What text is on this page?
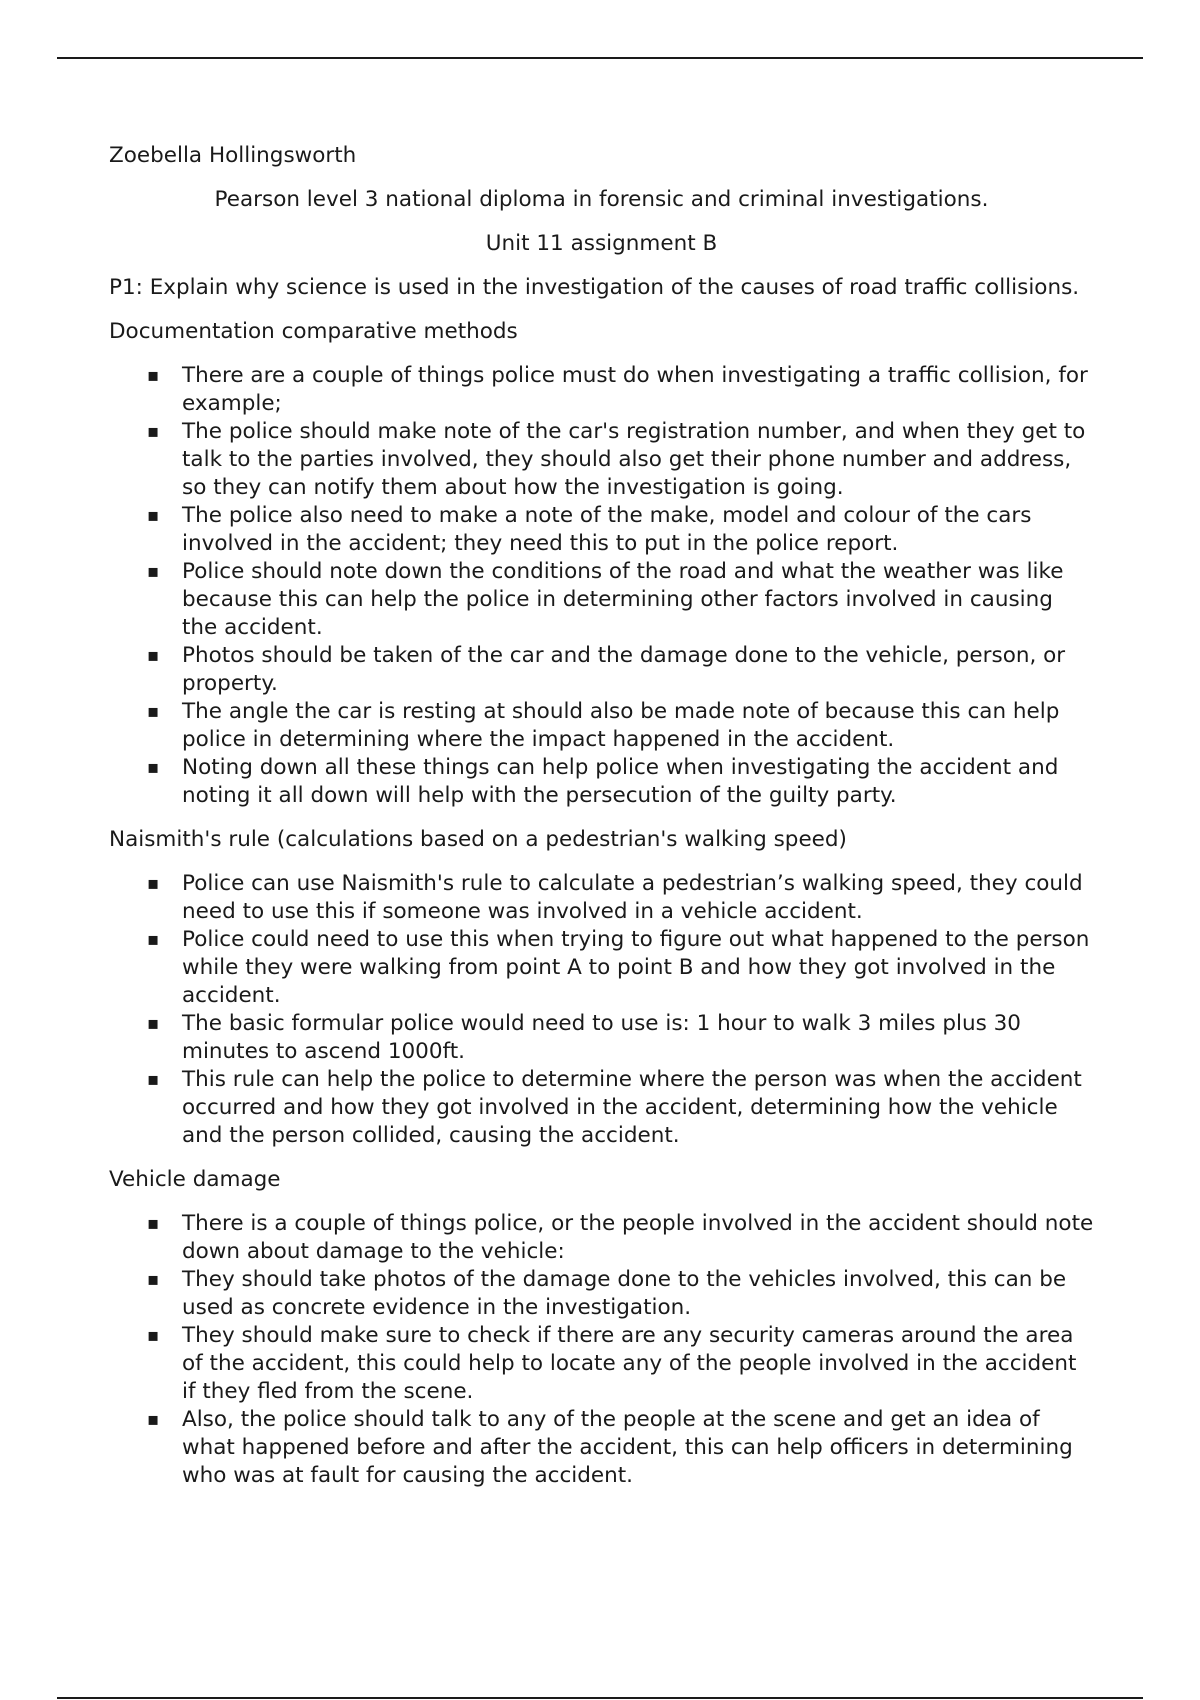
Zoebella Hollingsworth

Pearson level 3 national diploma in forensic and criminal investigations.

Unit 11 assignment B

P1: Explain why science is used in the investigation of the causes of road traffic collisions.

Documentation comparative methods

▪ There are a couple of things police must do when investigating a traffic collision, for example;
▪ The police should make note of the car's registration number, and when they get to talk to the parties involved, they should also get their phone number and address, so they can notify them about how the investigation is going.
▪ The police also need to make a note of the make, model and colour of the cars involved in the accident; they need this to put in the police report.
▪ Police should note down the conditions of the road and what the weather was like because this can help the police in determining other factors involved in causing the accident.
▪ Photos should be taken of the car and the damage done to the vehicle, person, or property.
▪ The angle the car is resting at should also be made note of because this can help police in determining where the impact happened in the accident.
▪ Noting down all these things can help police when investigating the accident and noting it all down will help with the persecution of the guilty party.

Naismith's rule (calculations based on a pedestrian's walking speed)

▪ Police can use Naismith's rule to calculate a pedestrian’s walking speed, they could need to use this if someone was involved in a vehicle accident.
▪ Police could need to use this when trying to figure out what happened to the person while they were walking from point A to point B and how they got involved in the accident.
▪ The basic formular police would need to use is: 1 hour to walk 3 miles plus 30 minutes to ascend 1000ft.
▪ This rule can help the police to determine where the person was when the accident occurred and how they got involved in the accident, determining how the vehicle and the person collided, causing the accident.

Vehicle damage

▪ There is a couple of things police, or the people involved in the accident should note down about damage to the vehicle:
▪ They should take photos of the damage done to the vehicles involved, this can be used as concrete evidence in the investigation.
▪ They should make sure to check if there are any security cameras around the area of the accident, this could help to locate any of the people involved in the accident if they fled from the scene.
▪ Also, the police should talk to any of the people at the scene and get an idea of what happened before and after the accident, this can help officers in determining who was at fault for causing the accident.
